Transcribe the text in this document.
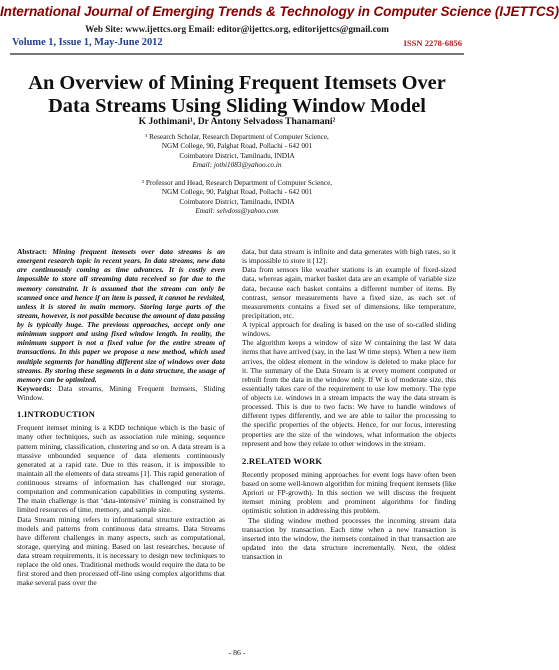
International Journal of Emerging Trends & Technology in Computer Science (IJETTCS)
Web Site: www.ijettcs.org Email: editor@ijettcs.org, editorijettcs@gmail.com
Volume 1, Issue 1, May-June 2012	ISSN 2278-6856
An Overview of Mining Frequent Itemsets Over
Data Streams Using Sliding Window Model
K Jothimani¹, Dr Antony Selvadoss Thanamani²
¹ Research Scholar, Research Department of Computer Science,
NGM College, 90, Palghat Road, Pollachi - 642 001
Coimbatore District, Tamilnadu, INDIA
Email: jothi1083@yahoo.co.in
² Professor and Head, Research Department of Computer Science,
NGM College, 90, Palghat Road, Pollachi - 642 001
Coimbatore District, Tamilnadu, INDIA
Email: selvdoss@yahoo.com

Abstract: Mining frequent itemsets over data streams is an emergent research topic in recent years. In data streams, new data are continuously coming as time advances. It is costly even impossible to store all streaming data received so far due to the memory constraint. It is assumed that the stream can only be scanned once and hence if an item is passed, it cannot be revisited, unless it is stored in main memory. Storing large parts of the stream, however, is not possible because the amount of data passing by is typically huge. The previous approaches, accept only one minimum support and using fixed window length. In reality, the minimum support is not a fixed value for the entire stream of transactions. In this paper we propose a new method, which used multiple segments for handling different size of windows over data streams. By storing these segments in a data structure, the usage of memory can be optimized.

Keywords: Data streams, Mining Frequent Itemsets, Sliding Window.

1.INTRODUCTION

Frequent itemset mining is a KDD technique which is the basic of many other techniques, such as association rule mining, sequence pattern mining, classification, clustering and so on. A data stream is a massive unbounded sequence of data elements continuously generated at a rapid rate. Due to this reason, it is impossible to maintain all the elements of data streams [1]. This rapid generation of continuous streams of information has challenged our storage, computation and communication capabilities in computing systems. The main challenge is that ‘data-intensive’ mining is constrained by limited resources of time, memory, and sample size.

Data Stream mining refers to informational structure extraction as models and patterns from continuous data streams. Data Streams have different challenges in many aspects, such as computational, storage, querying and mining. Based on last researches, because of data stream requirements, it is necessary to design new techniques to replace the old ones. Traditional methods would require the data to be first stored and then processed off-line using complex algorithms that make several pass over the

data, but data stream is infinite and data generates with high rates, so it is impossible to store it [12].

Data from sensors like weather stations is an example of fixed-sized data, whereas again, market basket data are an example of variable size data, because each basket contains a different number of items. By contrast, sensor measurements have a fixed size, as each set of measurements contains a fixed set of dimensions, like temperature, precipitation, etc.

A typical approach for dealing is based on the use of so-called sliding windows.

The algorithm keeps a window of size W containing the last W data items that have arrived (say, in the last W time steps). When a new item arrives, the oldest element in the window is deleted to make place for it. The summary of the Data Stream is at every moment computed or rebuilt from the data in the window only. If W is of moderate size, this essentially takes care of the requirement to use low memory. The type of objects i.e. windows in a stream impacts the way the data stream is processed. This is due to two facts: We have to handle windows of different types differently, and we are able to tailor the processing to the specific properties of the objects. Hence, for our focus, interesting properties are the size of the windows, what information the objects represent and how they relate to other windows in the stream.

2.RELATED WORK

Recently proposed mining approaches for event logs have often been based on some well-known algorithm for mining frequent itemsets (like Apriori or FP-growth). In this section we will discuss the frequent itemset mining problem and prominent algorithms for finding optimistic solution in addressing this problem.

The sliding window method processes the incoming stream data transaction by transaction. Each time when a new transaction is inserted into the window, the itemsets contained in that transaction are updated into the data structure incrementally. Next, the oldest transaction in

- 86 -
